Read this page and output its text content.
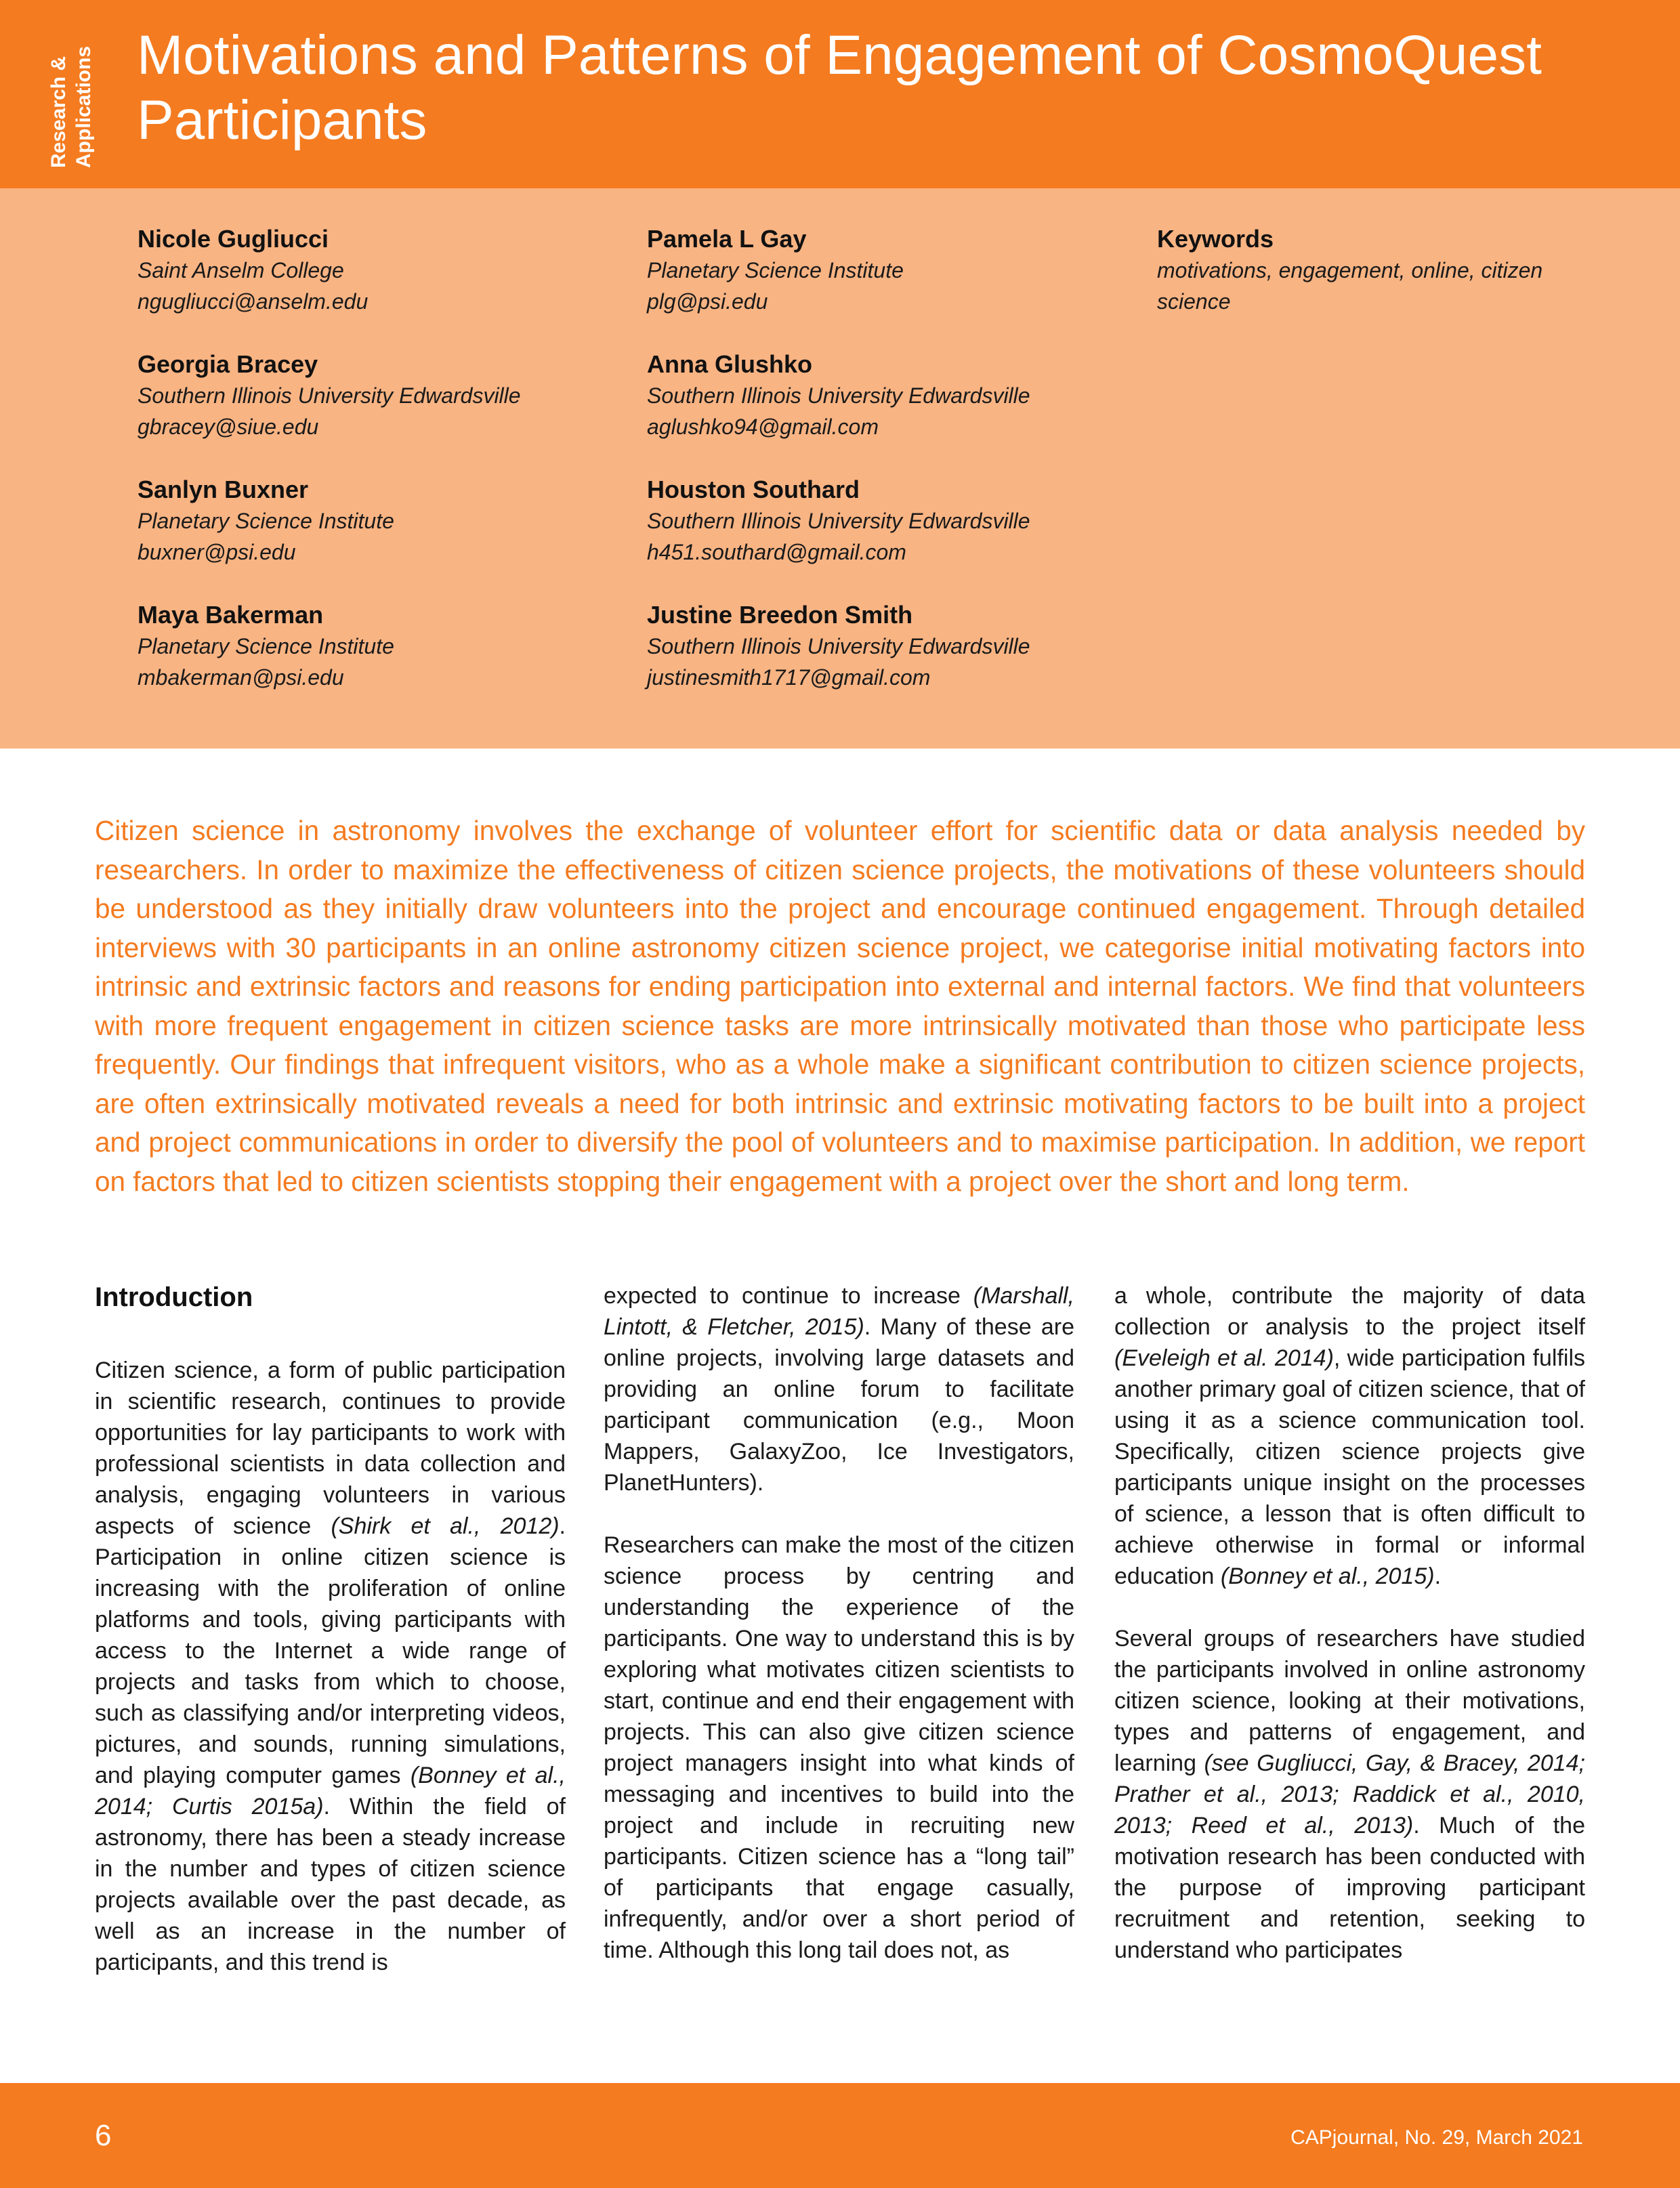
Research & Applications Motivations and Patterns of Engagement of CosmoQuest Participants
Nicole Gugliucci
Saint Anselm College
ngugliucci@anselm.edu
Georgia Bracey
Southern Illinois University Edwardsville
gbracey@siue.edu
Sanlyn Buxner
Planetary Science Institute
buxner@psi.edu
Maya Bakerman
Planetary Science Institute
mbakerman@psi.edu
Pamela L Gay
Planetary Science Institute
plg@psi.edu
Anna Glushko
Southern Illinois University Edwardsville
aglushko94@gmail.com
Houston Southard
Southern Illinois University Edwardsville
h451.southard@gmail.com
Justine Breedon Smith
Southern Illinois University Edwardsville
justinesmith1717@gmail.com
Keywords
motivations, engagement, online, citizen science

Citizen science in astronomy involves the exchange of volunteer effort for scientific data or data analysis needed by researchers. In order to maximize the effectiveness of citizen science projects, the motivations of these volunteers should be understood as they initially draw volunteers into the project and encourage continued engagement. Through detailed interviews with 30 participants in an online astronomy citizen science project, we categorise initial motivating factors into intrinsic and extrinsic factors and reasons for ending participation into external and internal factors. We find that volunteers with more frequent engagement in citizen science tasks are more intrinsically motivated than those who participate less frequently. Our findings that infrequent visitors, who as a whole make a significant contribution to citizen science projects, are often extrinsically motivated reveals a need for both intrinsic and extrinsic motivating factors to be built into a project and project communications in order to diversify the pool of volunteers and to maximise participation. In addition, we report on factors that led to citizen scientists stopping their engagement with a project over the short and long term.

Introduction

Citizen science, a form of public participation in scientific research, continues to provide opportunities for lay participants to work with professional scientists in data collection and analysis, engaging volunteers in various aspects of science (Shirk et al., 2012). Participation in online citizen science is increasing with the proliferation of online platforms and tools, giving participants with access to the Internet a wide range of projects and tasks from which to choose, such as classifying and/or interpreting videos, pictures, and sounds, running simulations, and playing computer games (Bonney et al., 2014; Curtis 2015a). Within the field of astronomy, there has been a steady increase in the number and types of citizen science projects available over the past decade, as well as an increase in the number of participants, and this trend is

expected to continue to increase (Marshall, Lintott, & Fletcher, 2015). Many of these are online projects, involving large datasets and providing an online forum to facilitate participant communication (e.g., Moon Mappers, GalaxyZoo, Ice Investigators, PlanetHunters).

Researchers can make the most of the citizen science process by centring and understanding the experience of the participants. One way to understand this is by exploring what motivates citizen scientists to start, continue and end their engagement with projects. This can also give citizen science project managers insight into what kinds of messaging and incentives to build into the project and include in recruiting new participants. Citizen science has a “long tail” of participants that engage casually, infrequently, and/or over a short period of time. Although this long tail does not, as

a whole, contribute the majority of data collection or analysis to the project itself (Eveleigh et al. 2014), wide participation fulfils another primary goal of citizen science, that of using it as a science communication tool. Specifically, citizen science projects give participants unique insight on the processes of science, a lesson that is often difficult to achieve otherwise in formal or informal education (Bonney et al., 2015).

Several groups of researchers have studied the participants involved in online astronomy citizen science, looking at their motivations, types and patterns of engagement, and learning (see Gugliucci, Gay, & Bracey, 2014; Prather et al., 2013; Raddick et al., 2010, 2013; Reed et al., 2013). Much of the motivation research has been conducted with the purpose of improving participant recruitment and retention, seeking to understand who participates

6	CAPjournal, No. 29, March 2021
